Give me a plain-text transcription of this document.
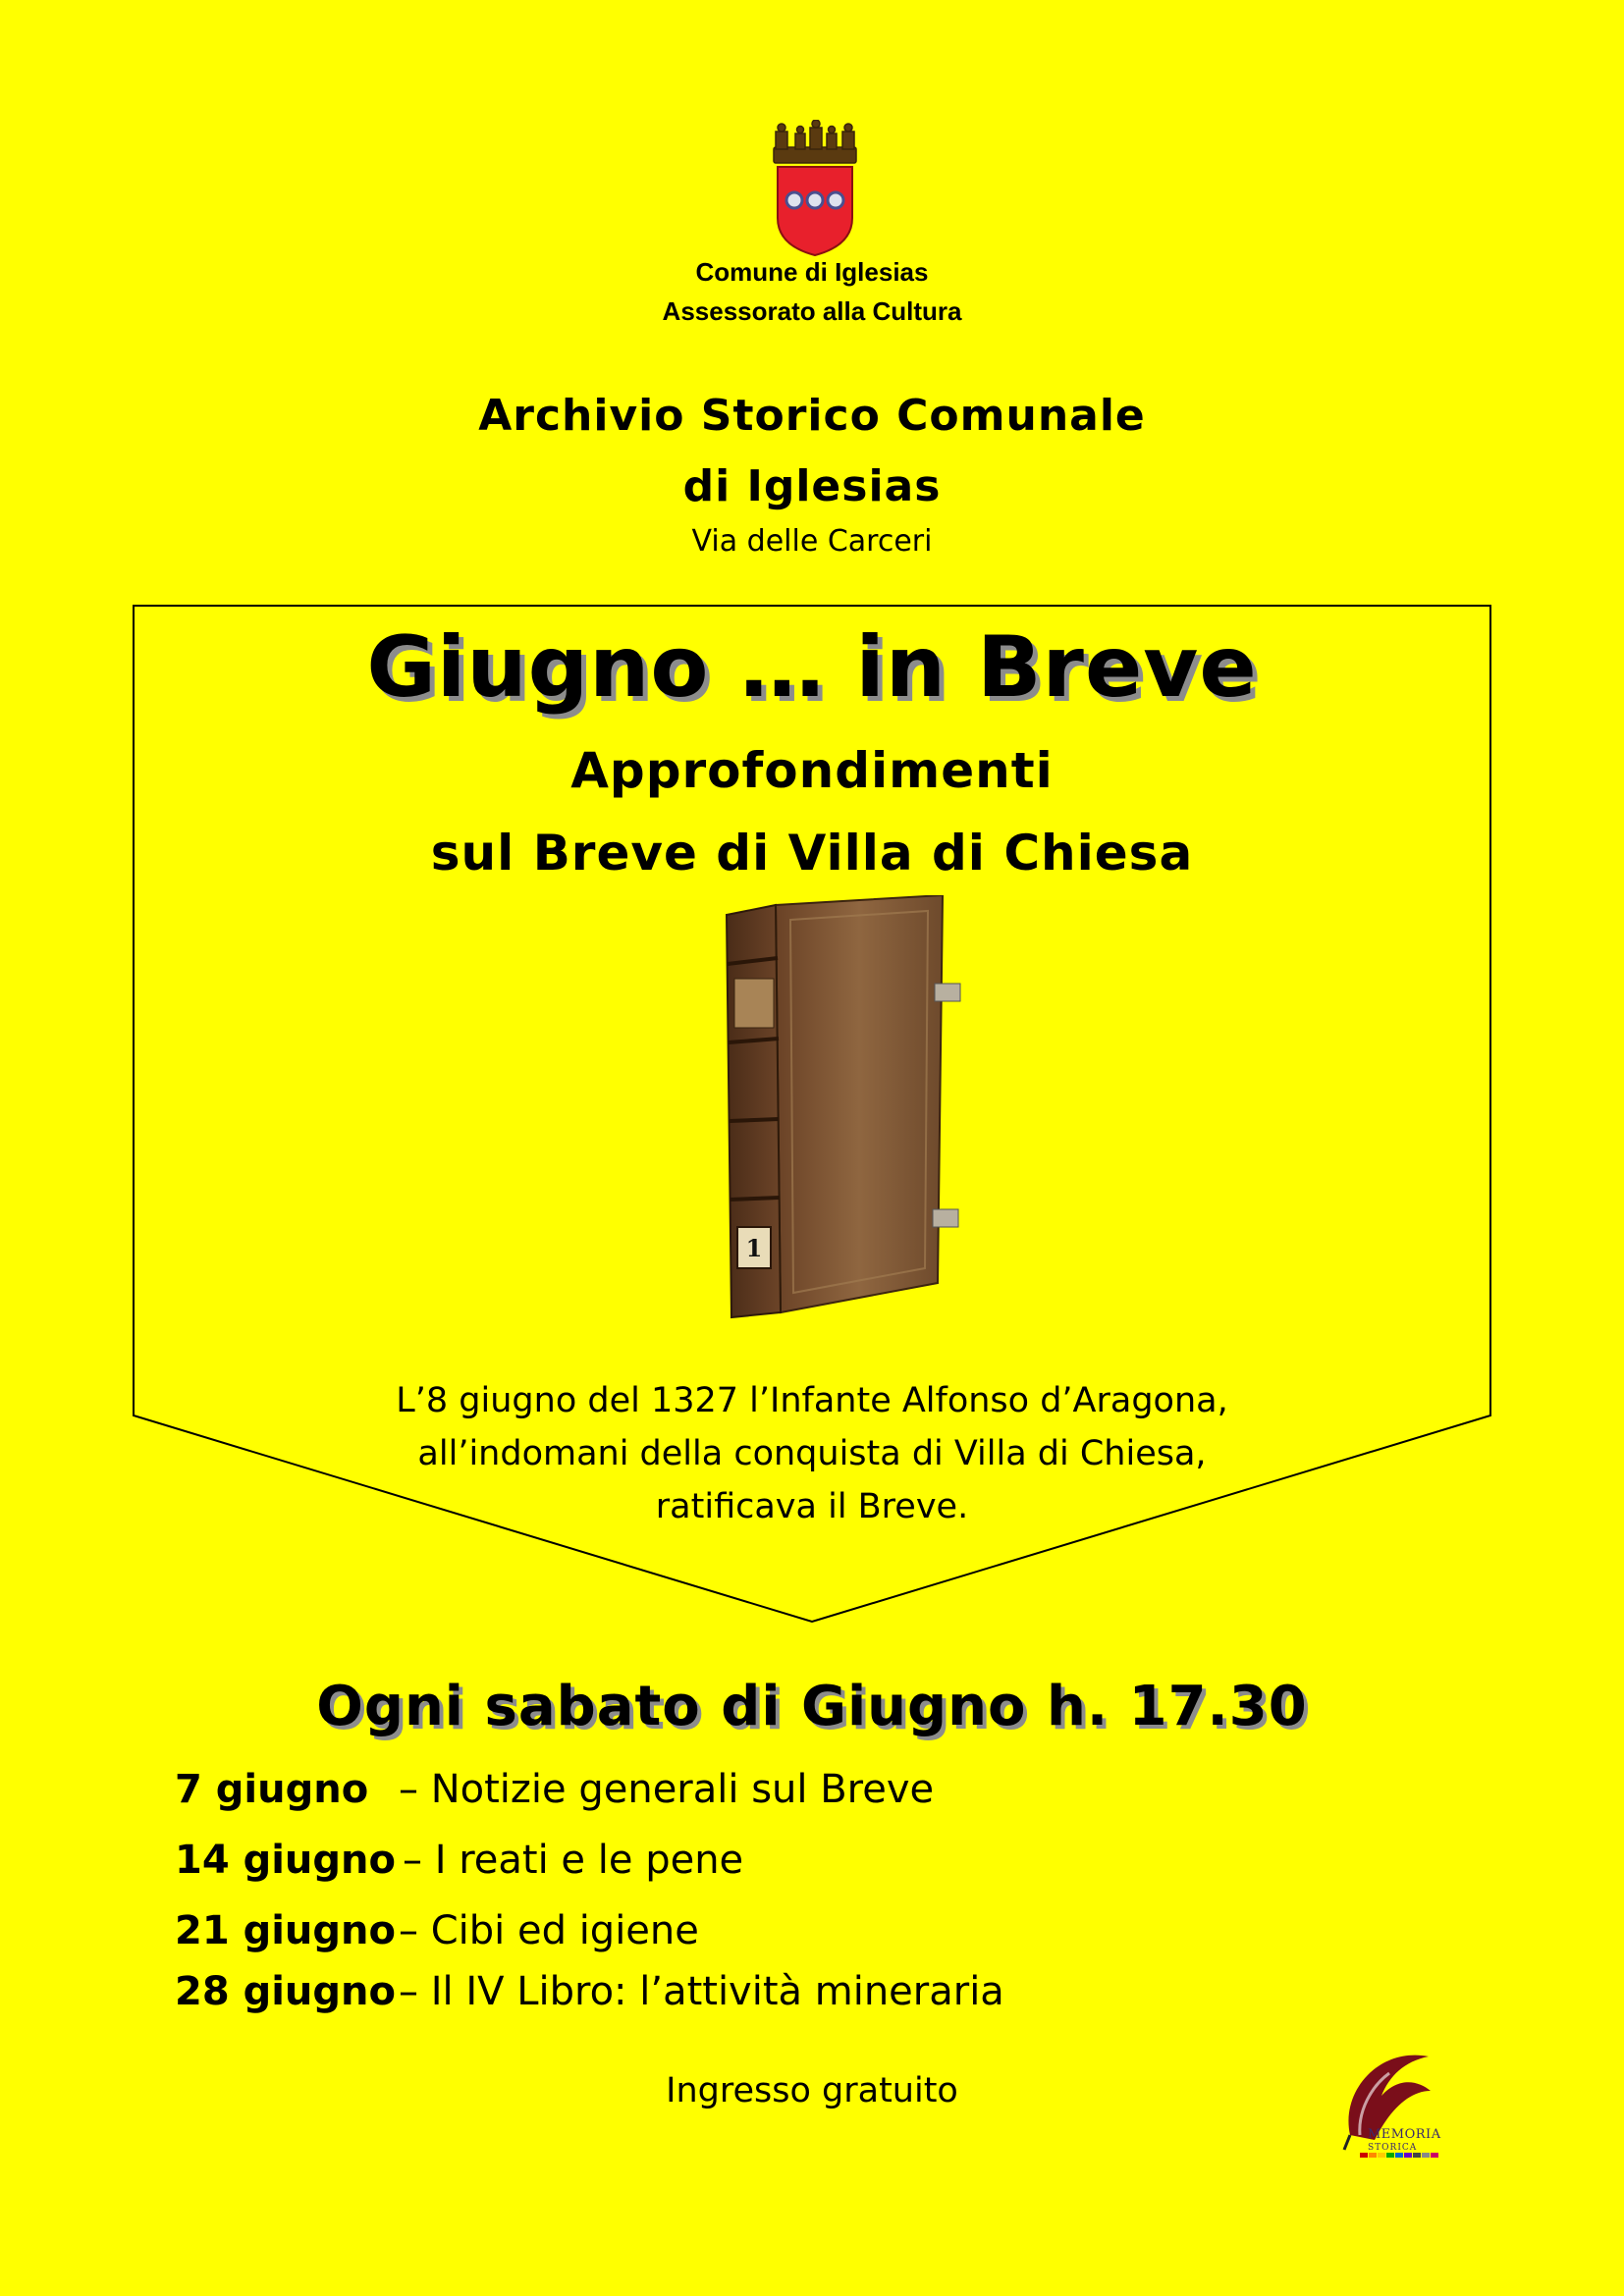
Comune di Iglesias
Assessorato alla Cultura
Archivio Storico Comunale
di Iglesias
Via delle Carceri
Giugno … in Breve
Approfondimenti
sul Breve di Villa di Chiesa
1
L’8 giugno del 1327 l’Infante Alfonso d’Aragona,
all’indomani della conquista di Villa di Chiesa,
ratificava il Breve.
Ogni sabato di Giugno h. 17.30
7 giugno – Notizie generali sul Breve
14 giugno – I reati e le pene
21 giugno – Cibi ed igiene
28 giugno – Il IV Libro: l’attività mineraria
Ingresso gratuito
MEMORIA
STORICA
